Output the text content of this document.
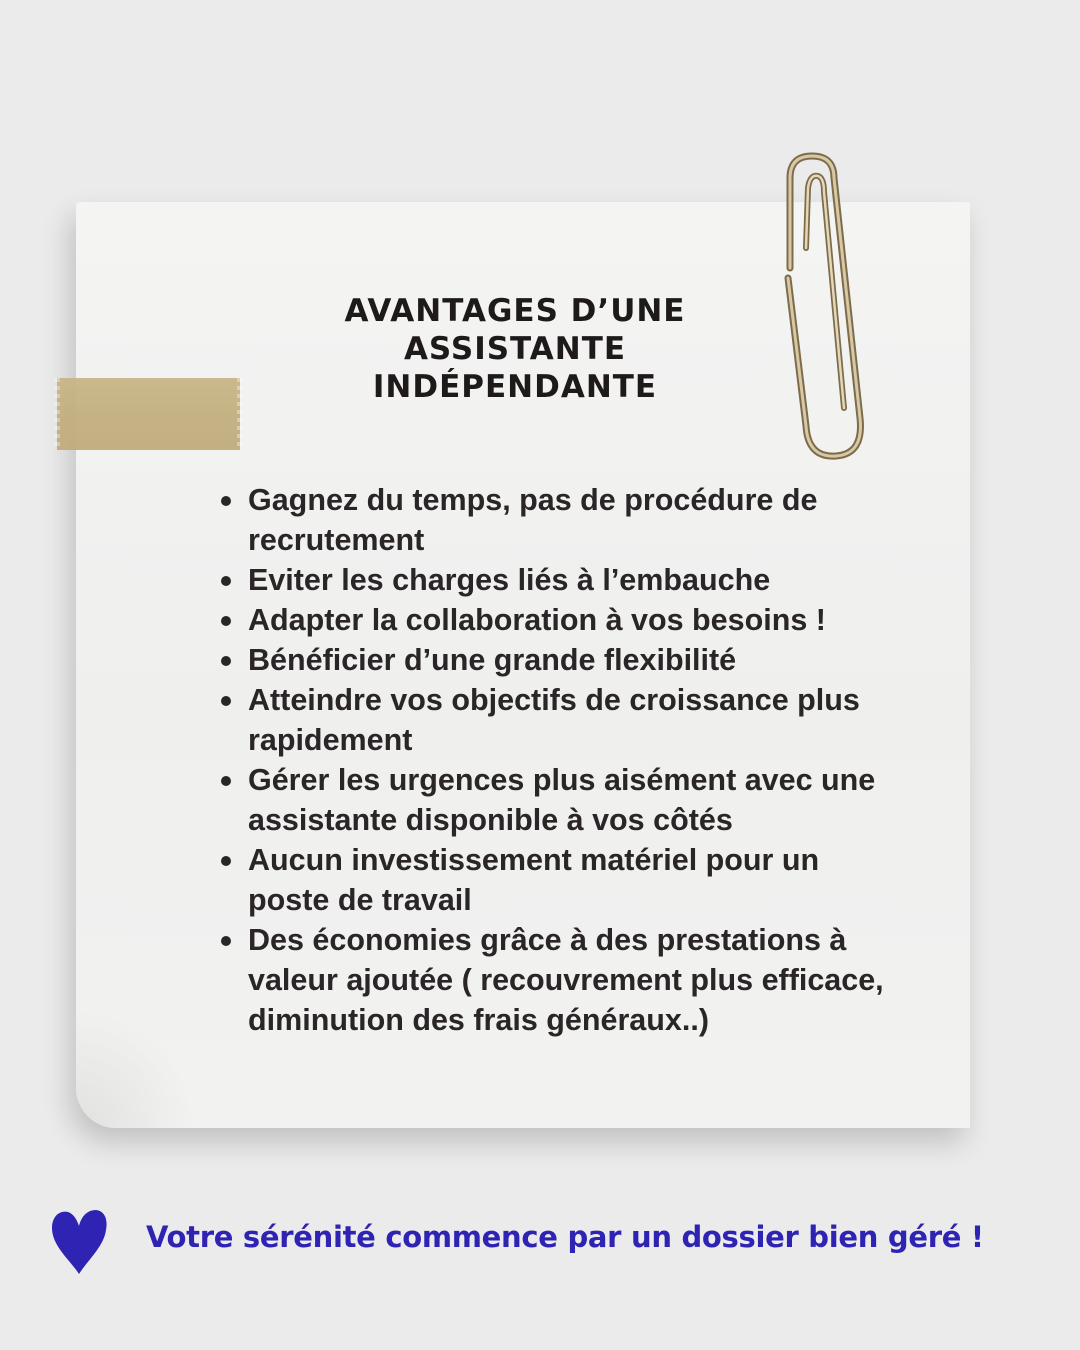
AVANTAGES D’UNE
ASSISTANTE
INDÉPENDANTE
Gagnez du temps, pas de procédure de recrutement
Eviter les charges liés à l’embauche
Adapter la collaboration à vos besoins !
Bénéficier d’une grande flexibilité
Atteindre vos objectifs de croissance plus rapidement
Gérer les urgences plus aisément avec une assistante disponible à vos côtés
Aucun investissement matériel pour un poste de travail
Des économies grâce à des prestations à valeur ajoutée ( recouvrement plus efficace, diminution des frais généraux..)
Votre sérénité commence par un dossier bien géré !
